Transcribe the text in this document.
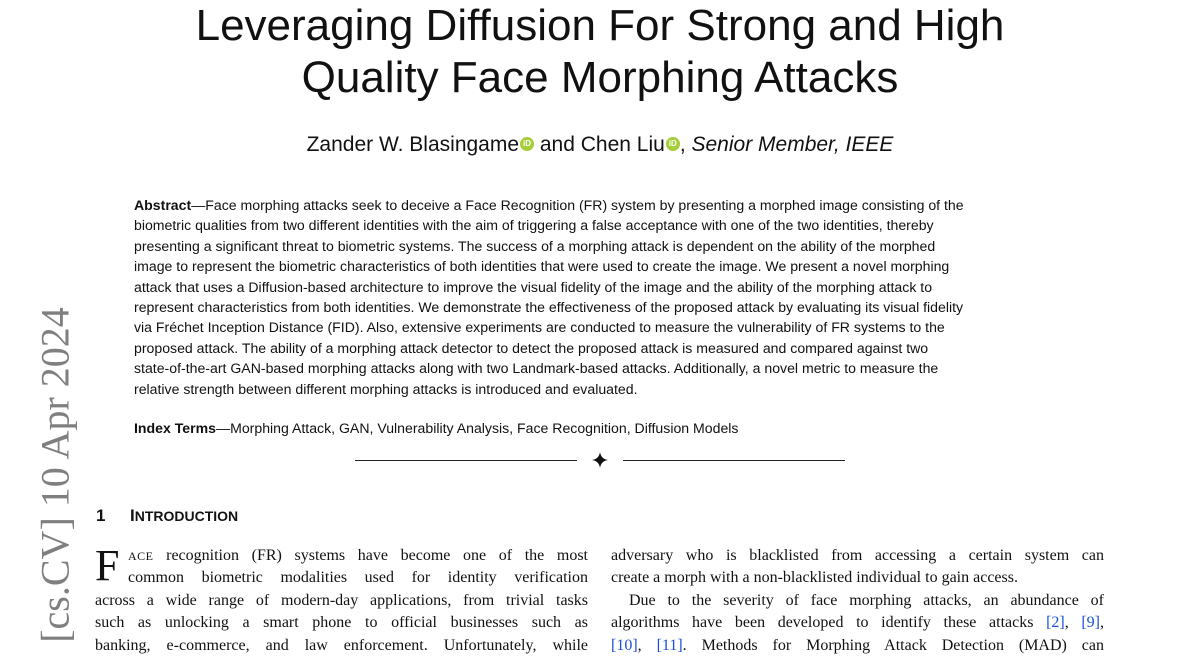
Leveraging Diffusion For Strong and High
Quality Face Morphing Attacks
Zander W. Blasingame iD and Chen Liu iD , Senior Member, IEEE
Abstract—Face morphing attacks seek to deceive a Face Recognition (FR) system by presenting a morphed image consisting of the
biometric qualities from two different identities with the aim of triggering a false acceptance with one of the two identities, thereby
presenting a significant threat to biometric systems. The success of a morphing attack is dependent on the ability of the morphed
image to represent the biometric characteristics of both identities that were used to create the image. We present a novel morphing
attack that uses a Diffusion-based architecture to improve the visual fidelity of the image and the ability of the morphing attack to
represent characteristics from both identities. We demonstrate the effectiveness of the proposed attack by evaluating its visual fidelity
via Fréchet Inception Distance (FID). Also, extensive experiments are conducted to measure the vulnerability of FR systems to the
proposed attack. The ability of a morphing attack detector to detect the proposed attack is measured and compared against two
state-of-the-art GAN-based morphing attacks along with two Landmark-based attacks. Additionally, a novel metric to measure the
relative strength between different morphing attacks is introduced and evaluated.
Index Terms—Morphing Attack, GAN, Vulnerability Analysis, Face Recognition, Diffusion Models
[cs.CV] 10 Apr 2024 1 INTRODUCTION
F ACE recognition (FR) systems have become one of the most
common biometric modalities used for identity verification
across a wide range of modern-day applications, from trivial tasks
such as unlocking a smart phone to official businesses such as
banking, e-commerce, and law enforcement. Unfortunately, while
adversary who is blacklisted from accessing a certain system can
create a morph with a non-blacklisted individual to gain access.
Due to the severity of face morphing attacks, an abundance of
algorithms have been developed to identify these attacks [2], [9],
[10], [11]. Methods for Morphing Attack Detection (MAD) can
